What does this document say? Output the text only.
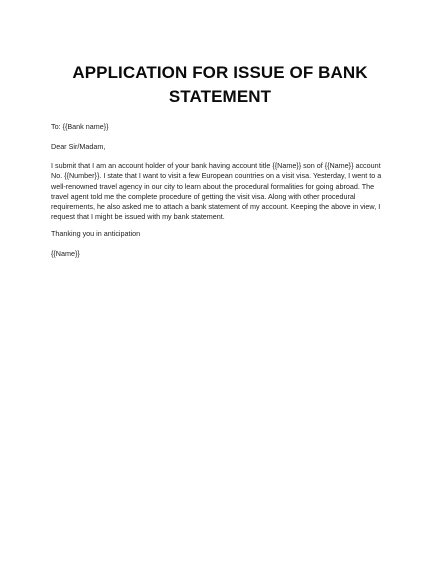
APPLICATION FOR ISSUE OF BANK
STATEMENT

To: {{Bank name}}

Dear Sir/Madam,

I submit that I am an account holder of your bank having account title {{Name}} son of {{Name}} account
No. {{Number}}. I state that I want to visit a few European countries on a visit visa. Yesterday, I went to a
well-renowned travel agency in our city to learn about the procedural formalities for going abroad. The
travel agent told me the complete procedure of getting the visit visa. Along with other procedural
requirements, he also asked me to attach a bank statement of my account. Keeping the above in view, I
request that I might be issued with my bank statement.

Thanking you in anticipation

{{Name}}
